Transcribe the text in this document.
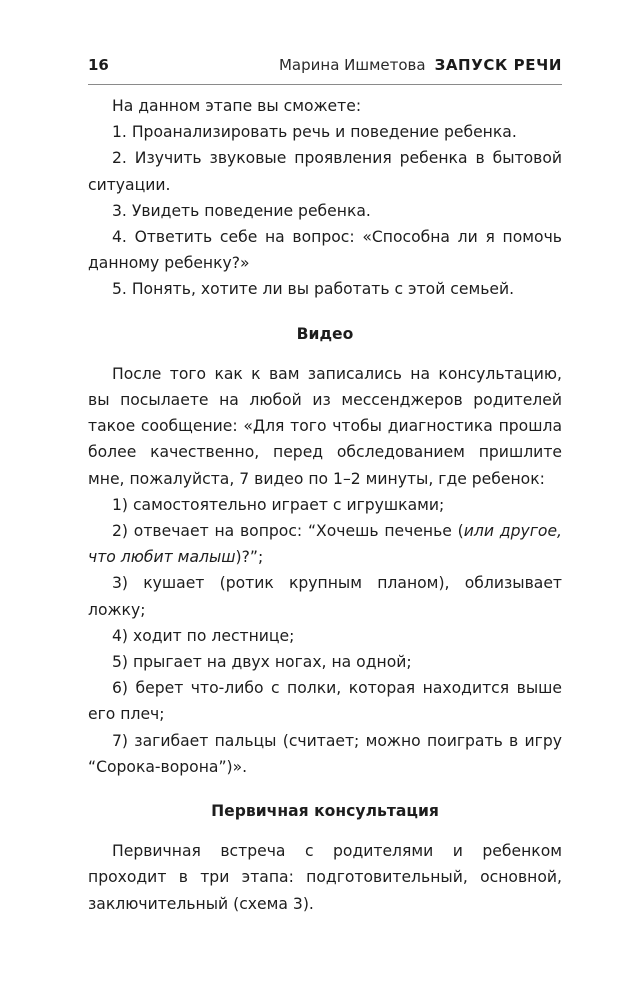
16	Марина Ишметова ЗАПУСК РЕЧИ

На данном этапе вы сможете:

1. Проанализировать речь и поведение ребенка.

2. Изучить звуковые проявления ребенка в бытовой ситуации.

3. Увидеть поведение ребенка.

4. Ответить себе на вопрос: «Способна ли я помочь данному ребенку?»

5. Понять, хотите ли вы работать с этой семьей.

Видео

После того как к вам записались на консультацию, вы посылаете на любой из мессенджеров родителей такое сообщение: «Для того чтобы диагностика прошла более качественно, перед обследованием пришлите мне, пожалуйста, 7 видео по 1–2 минуты, где ребенок:

1) самостоятельно играет с игрушками;

2) отвечает на вопрос: “Хочешь печенье (или другое, что любит малыш)?”;

3) кушает (ротик крупным планом), облизывает ложку;

4) ходит по лестнице;

5) прыгает на двух ногах, на одной;

6) берет что-либо с полки, которая находится выше его плеч;

7) загибает пальцы (считает; можно поиграть в игру “Сорока-ворона”)».

Первичная консультация

Первичная встреча с родителями и ребенком проходит в три этапа: подготовительный, основной, заключительный (схема 3).
